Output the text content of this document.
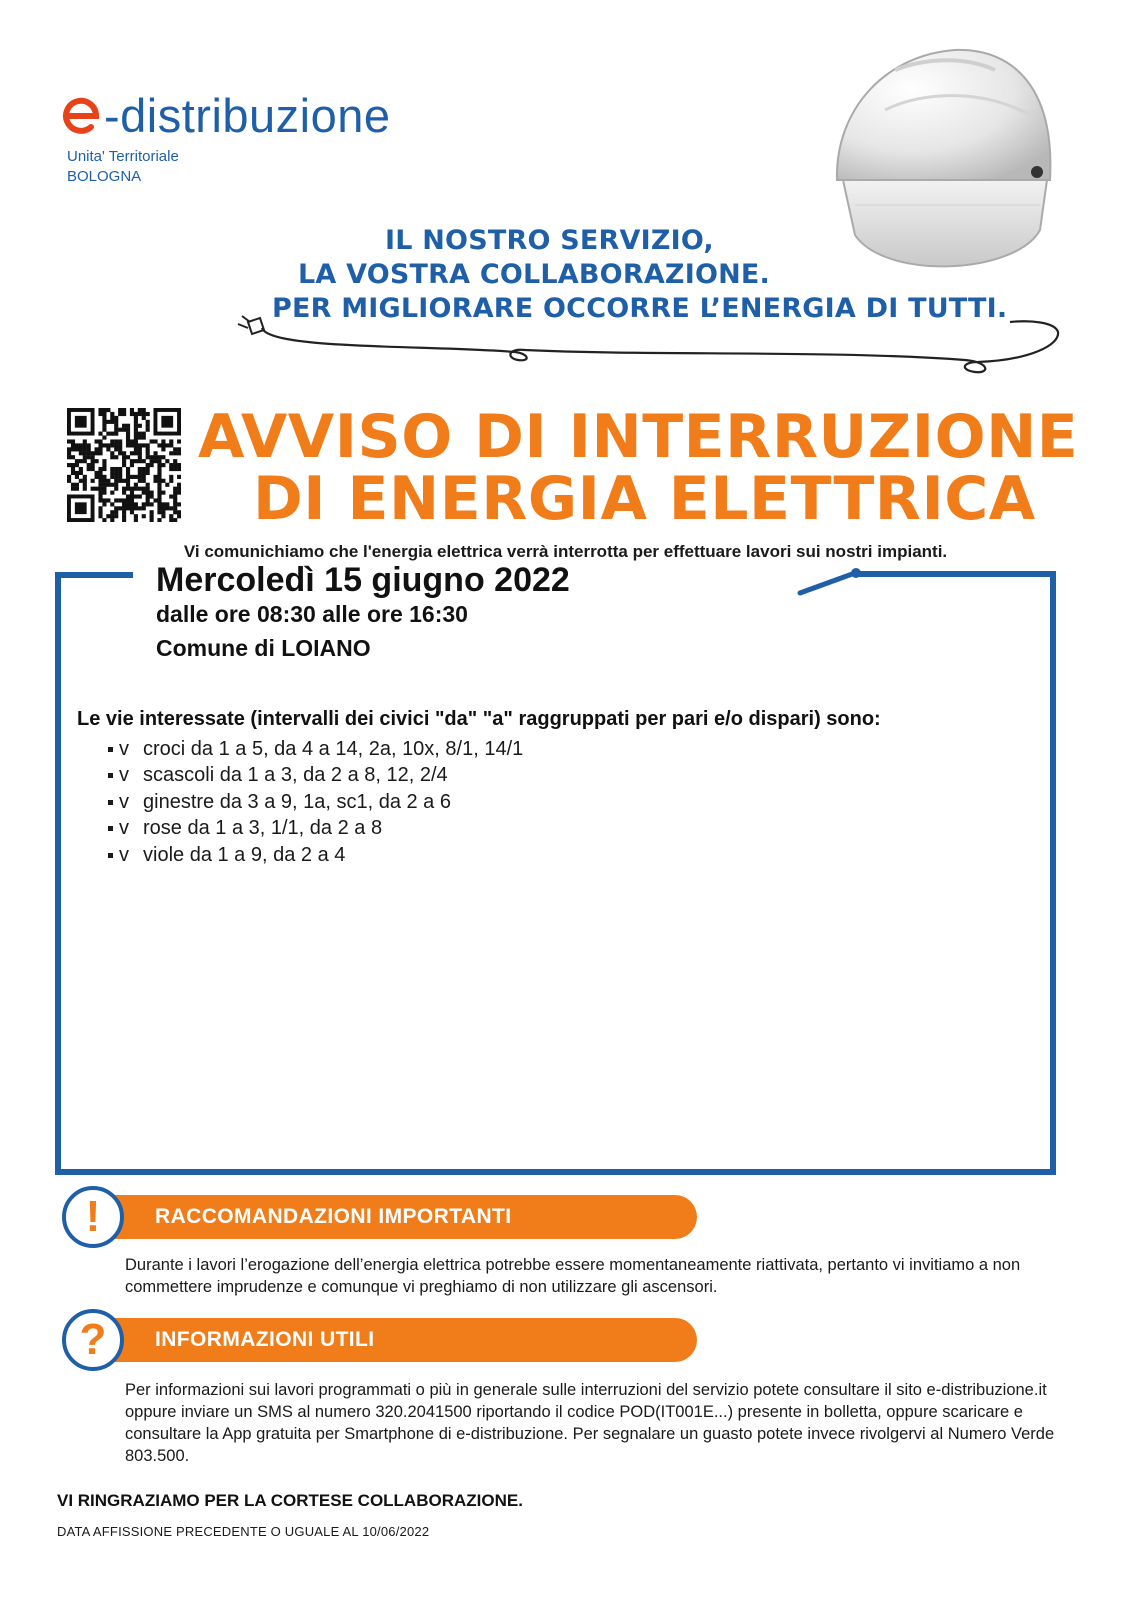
-distribuzione
Unita' Territoriale
BOLOGNA
IL NOSTRO SERVIZIO,
LA VOSTRA COLLABORAZIONE.
PER MIGLIORARE OCCORRE L’ENERGIA DI TUTTI.
AVVISO DI INTERRUZIONE
DI ENERGIA ELETTRICA
Vi comunichiamo che l'energia elettrica verrà interrotta per effettuare lavori sui nostri impianti.
Mercoledì 15 giugno 2022
dalle ore 08:30 alle ore 16:30
Comune di LOIANO
Le vie interessate (intervalli dei civici "da" "a" raggruppati per pari e/o dispari) sono:
v croci da 1 a 5, da 4 a 14, 2a, 10x, 8/1, 14/1
v scascoli da 1 a 3, da 2 a 8, 12, 2/4
v ginestre da 3 a 9, 1a, sc1, da 2 a 6
v rose da 1 a 3, 1/1, da 2 a 8
v viole da 1 a 9, da 2 a 4
RACCOMANDAZIONI IMPORTANTI
!
Durante i lavori l’erogazione dell’energia elettrica potrebbe essere momentaneamente riattivata, pertanto vi invitiamo a non commettere imprudenze e comunque vi preghiamo di non utilizzare gli ascensori.
INFORMAZIONI UTILI
?
Per informazioni sui lavori programmati o più in generale sulle interruzioni del servizio potete consultare il sito e-distribuzione.it oppure inviare un SMS al numero 320.2041500 riportando il codice POD(IT001E...) presente in bolletta, oppure scaricare e consultare la App gratuita per Smartphone di e-distribuzione. Per segnalare un guasto potete invece rivolgervi al Numero Verde 803.500.
VI RINGRAZIAMO PER LA CORTESE COLLABORAZIONE.
DATA AFFISSIONE PRECEDENTE O UGUALE AL 10/06/2022
